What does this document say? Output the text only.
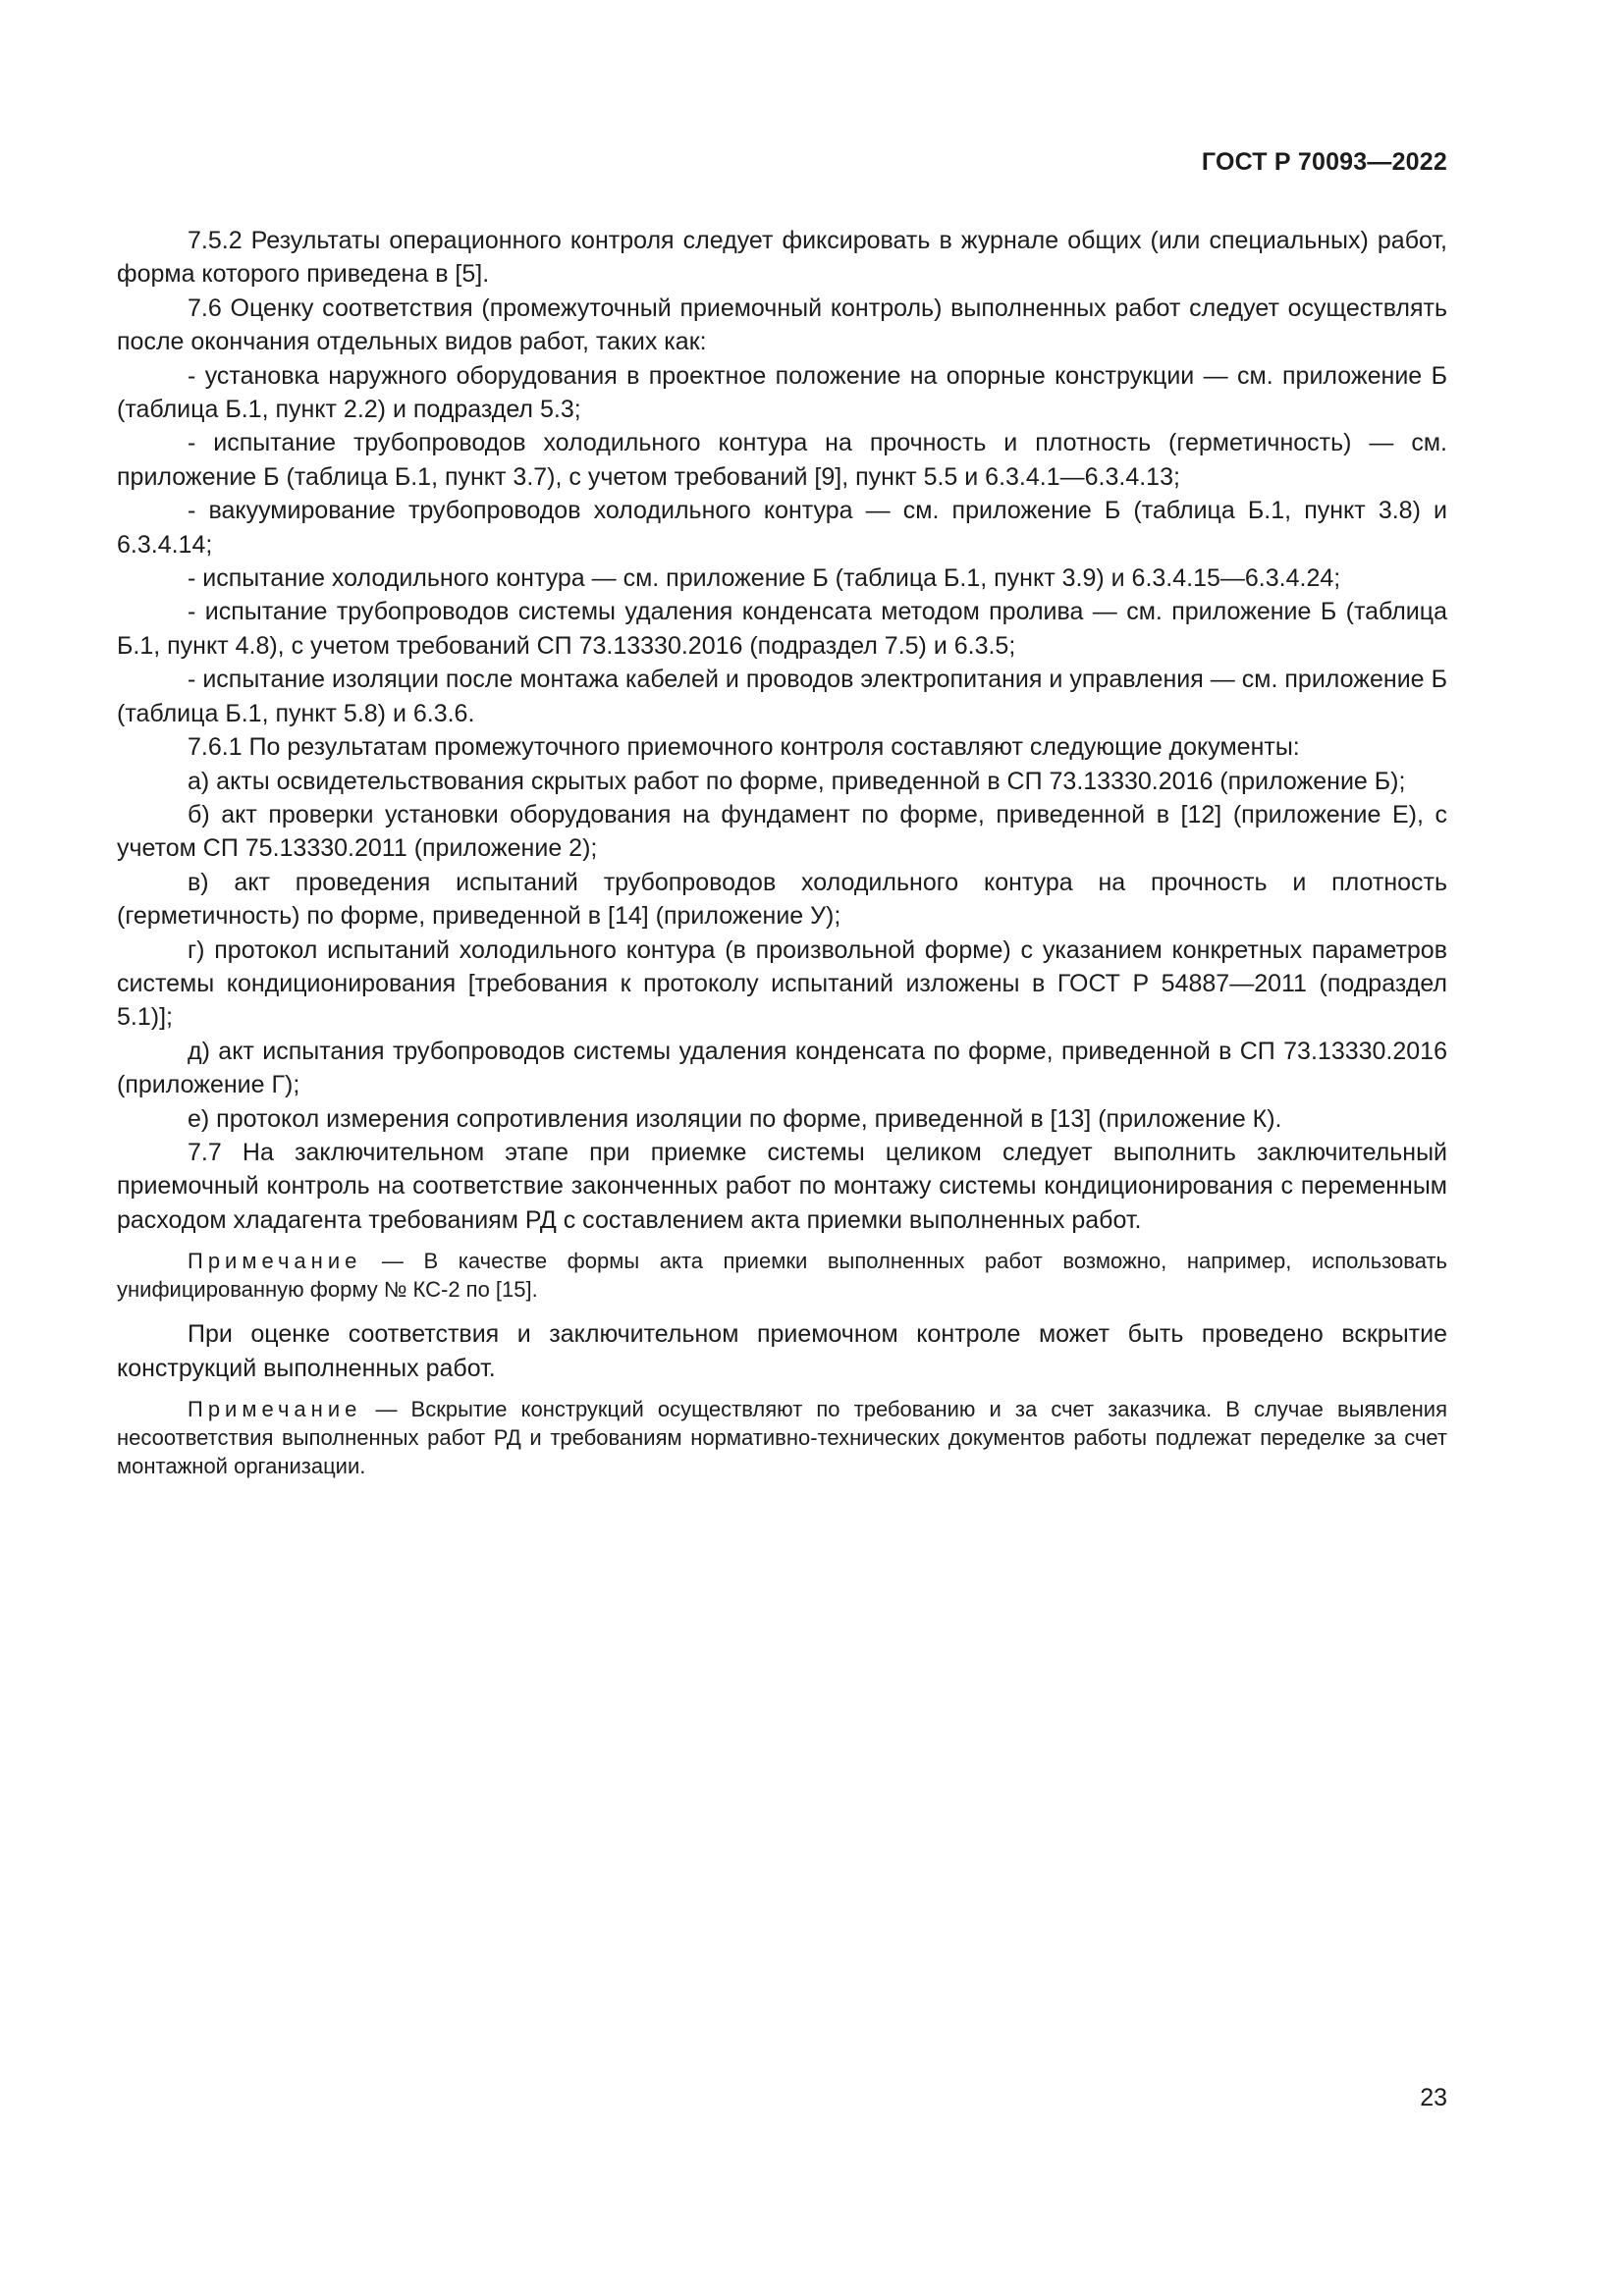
ГОСТ Р 70093—2022

7.5.2 Результаты операционного контроля следует фиксировать в журнале общих (или специальных) работ, форма которого приведена в [5].

7.6 Оценку соответствия (промежуточный приемочный контроль) выполненных работ следует осуществлять после окончания отдельных видов работ, таких как:

- установка наружного оборудования в проектное положение на опорные конструкции — см. приложение Б (таблица Б.1, пункт 2.2) и подраздел 5.3;

- испытание трубопроводов холодильного контура на прочность и плотность (герметичность) — см. приложение Б (таблица Б.1, пункт 3.7), с учетом требований [9], пункт 5.5 и 6.3.4.1—6.3.4.13;

- вакуумирование трубопроводов холодильного контура — см. приложение Б (таблица Б.1, пункт 3.8) и 6.3.4.14;

- испытание холодильного контура — см. приложение Б (таблица Б.1, пункт 3.9) и 6.3.4.15—6.3.4.24;

- испытание трубопроводов системы удаления конденсата методом пролива — см. приложение Б (таблица Б.1, пункт 4.8), с учетом требований СП 73.13330.2016 (подраздел 7.5) и 6.3.5;

- испытание изоляции после монтажа кабелей и проводов электропитания и управления — см. приложение Б (таблица Б.1, пункт 5.8) и 6.3.6.

7.6.1 По результатам промежуточного приемочного контроля составляют следующие документы:

а) акты освидетельствования скрытых работ по форме, приведенной в СП 73.13330.2016 (приложение Б);

б) акт проверки установки оборудования на фундамент по форме, приведенной в [12] (приложение Е), с учетом СП 75.13330.2011 (приложение 2);

в) акт проведения испытаний трубопроводов холодильного контура на прочность и плотность (герметичность) по форме, приведенной в [14] (приложение У);

г) протокол испытаний холодильного контура (в произвольной форме) с указанием конкретных параметров системы кондиционирования [требования к протоколу испытаний изложены в ГОСТ Р 54887—2011 (подраздел 5.1)];

д) акт испытания трубопроводов системы удаления конденсата по форме, приведенной в СП 73.13330.2016 (приложение Г);

е) протокол измерения сопротивления изоляции по форме, приведенной в [13] (приложение К).

7.7 На заключительном этапе при приемке системы целиком следует выполнить заключительный приемочный контроль на соответствие законченных работ по монтажу системы кондиционирования с переменным расходом хладагента требованиям РД с составлением акта приемки выполненных работ.

Примечание — В качестве формы акта приемки выполненных работ возможно, например, использовать унифицированную форму № КС-2 по [15].

При оценке соответствия и заключительном приемочном контроле может быть проведено вскрытие конструкций выполненных работ.

Примечание — Вскрытие конструкций осуществляют по требованию и за счет заказчика. В случае выявления несоответствия выполненных работ РД и требованиям нормативно-технических документов работы подлежат переделке за счет монтажной организации.

23
